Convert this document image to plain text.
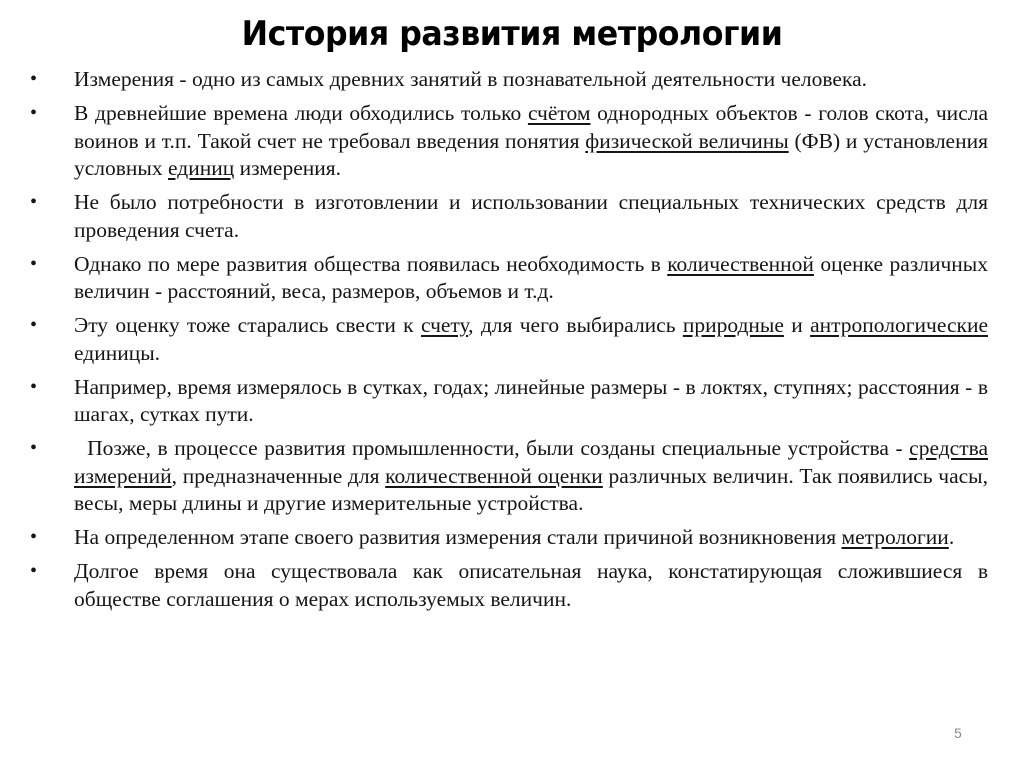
История развития метрологии
•	Измерения - одно из самых древних занятий в познавательной деятельности человека.
•	В древнейшие времена люди обходились только счётом однородных объектов - голов скота, числа воинов и т.п. Такой счет не требовал введения понятия физической величины (ФВ) и установления условных единиц измерения.
•	Не было потребности в изготовлении и использовании специальных технических средств для проведения счета.
•	Однако по мере развития общества появилась необходимость в количественной оценке различных величин - расстояний, веса, размеров, объемов и т.д.
•	Эту оценку тоже старались свести к счету, для чего выбирались природные и антропологические единицы.
•	Например, время измерялось в сутках, годах; линейные размеры - в локтях, ступнях; расстояния - в шагах, сутках пути.
•	Позже, в процессе развития промышленности, были созданы специальные устройства - средства измерений, предназначенные для количественной оценки различных величин. Так появились часы, весы, меры длины и другие измерительные устройства.
•	На определенном этапе своего развития измерения стали причиной возникновения метрологии.
•	Долгое время она существовала как описательная наука, констатирующая сложившиеся в обществе соглашения о мерах используемых величин.
5
